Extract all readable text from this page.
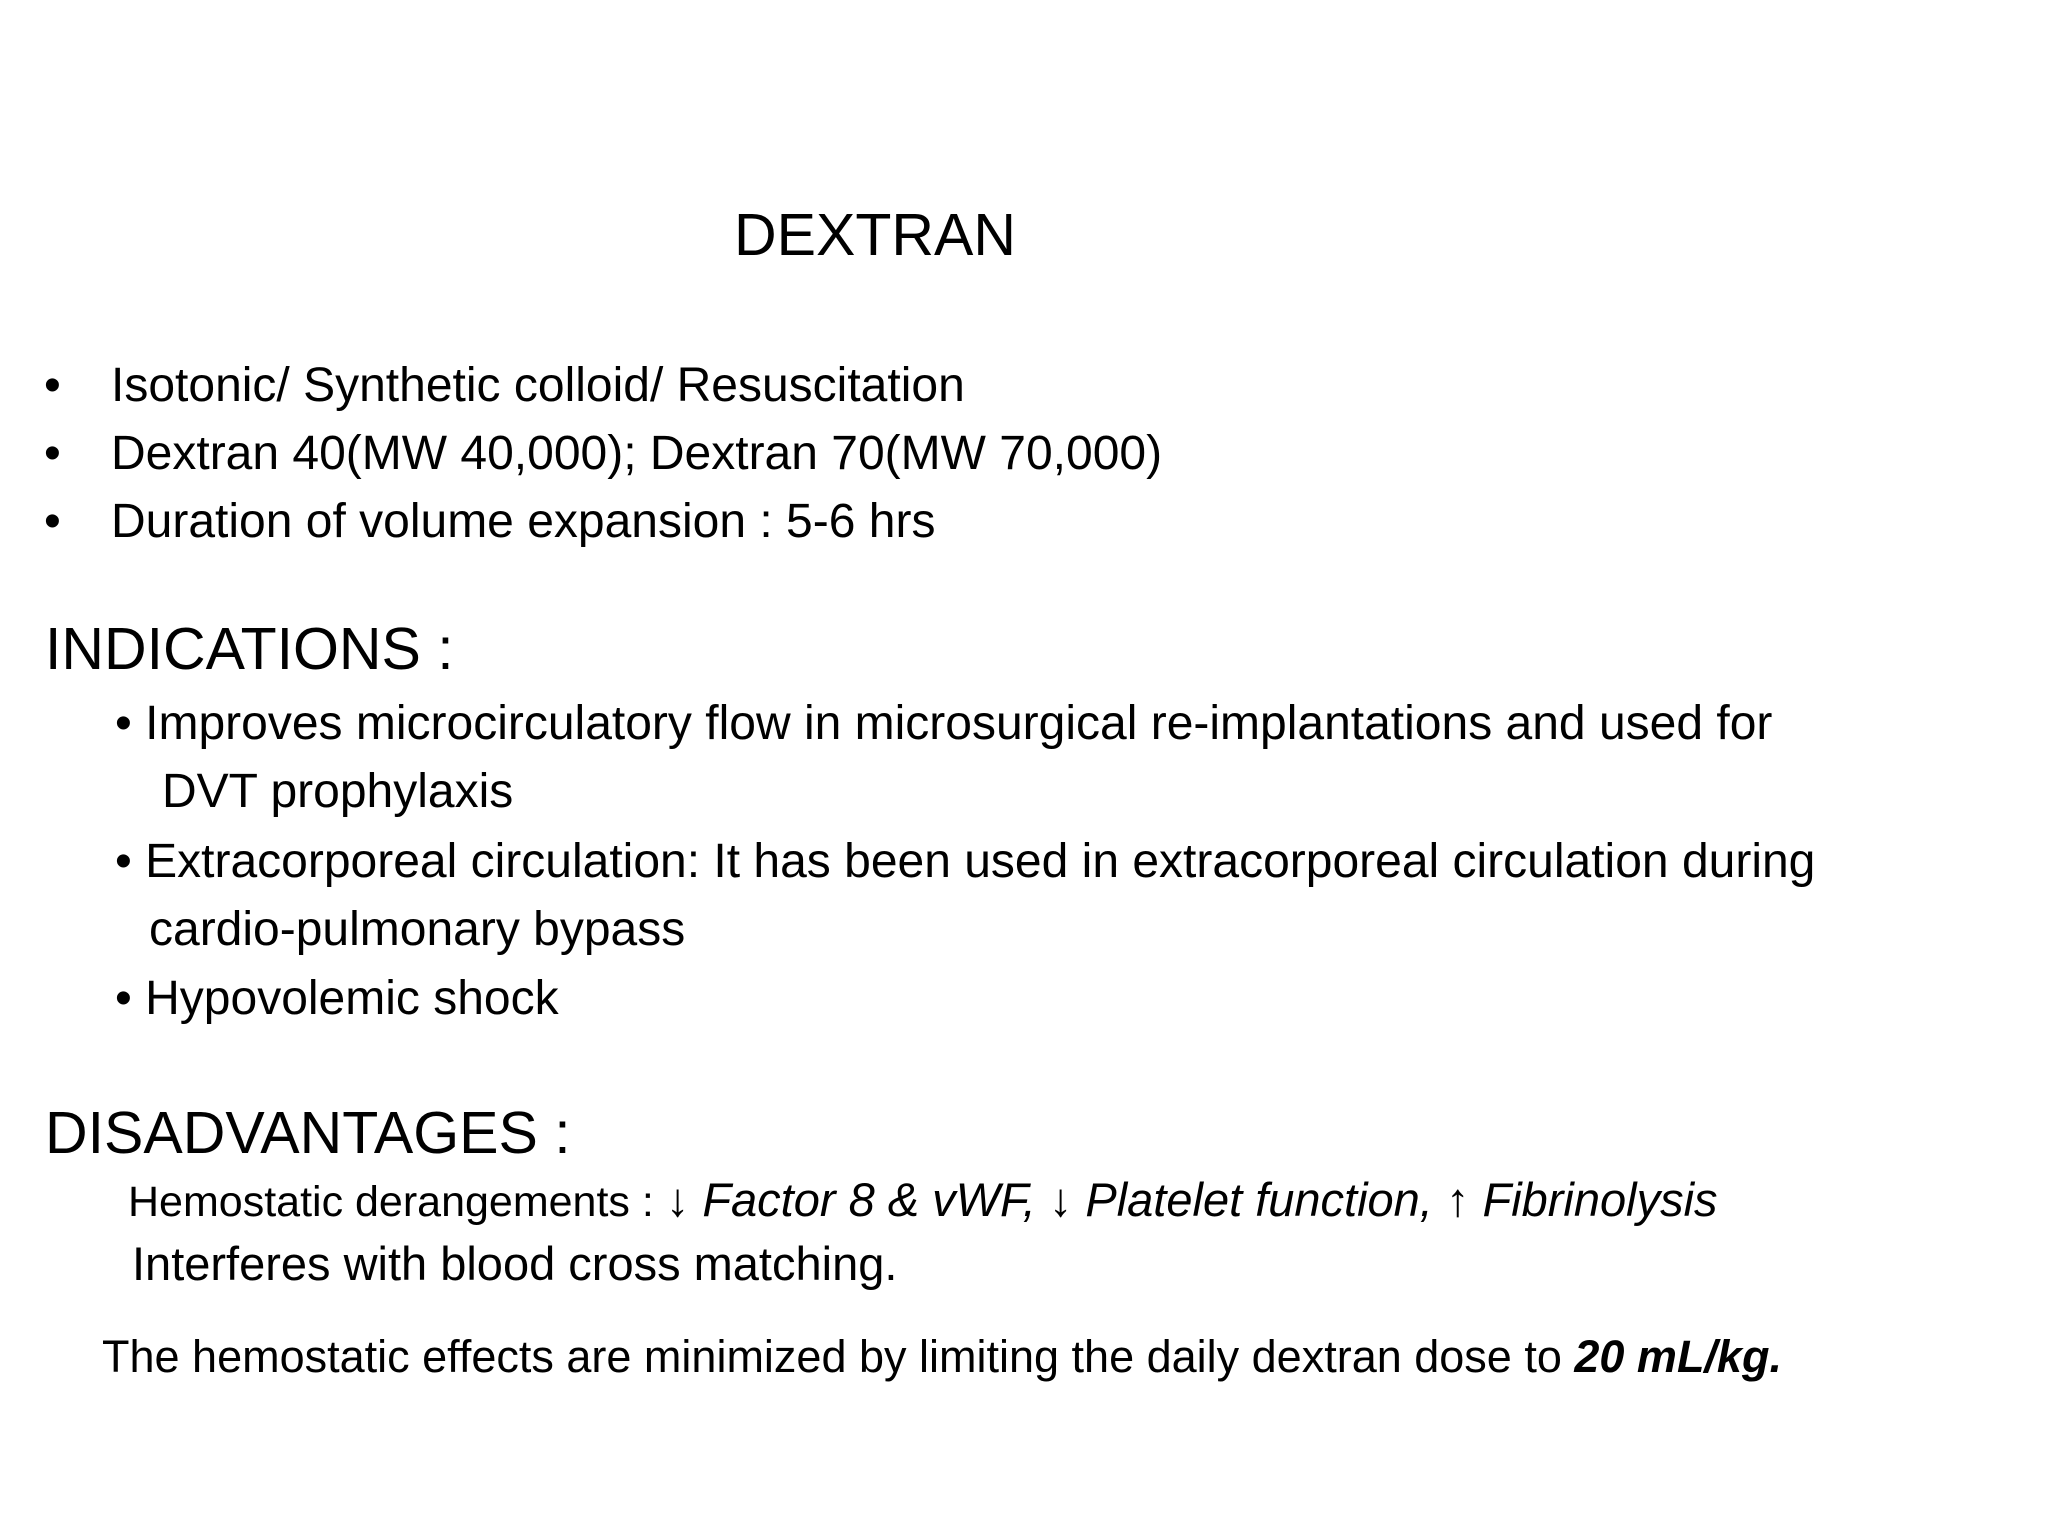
DEXTRAN
• Isotonic/ Synthetic colloid/ Resuscitation
• Dextran 40(MW 40,000); Dextran 70(MW 70,000)
• Duration of volume expansion : 5-6 hrs
INDICATIONS :
• Improves microcirculatory flow in microsurgical re-implantations and used for
DVT prophylaxis
• Extracorporeal circulation: It has been used in extracorporeal circulation during
cardio-pulmonary bypass
• Hypovolemic shock
DISADVANTAGES :
Hemostatic derangements : ↓ Factor 8 & vWF, ↓ Platelet function, ↑ Fibrinolysis
Interferes with blood cross matching.
The hemostatic effects are minimized by limiting the daily dextran dose to 20 mL/kg.
